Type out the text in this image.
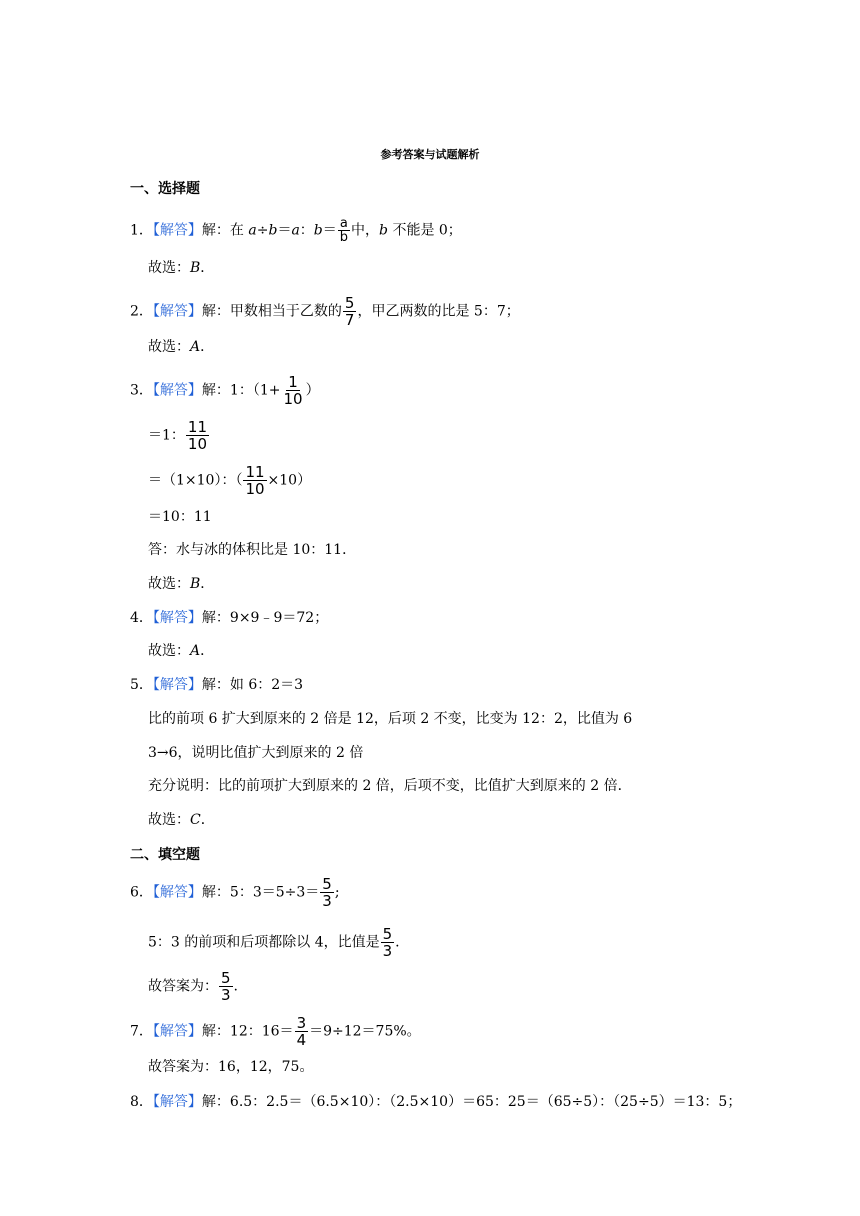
参考答案与试题解析
一、选择题
1．【解答】解：在 a÷b＝a：$b= \frac{a}{b}$ 中，b 不能是 0；
故选：B．
2．【解答】解：甲数相当于乙数的 $\frac{5}{7}$ ，甲乙两数的比是 5：7；
故选：A．
3．【解答】解：1：（$1+ \frac{1}{10}$ ）
＝1： $\frac{11}{10}$
＝（1×10）：（ $\frac{11}{10} \times 10$）
＝10：11
答：水与冰的体积比是 10：11．
故选：B．
4．【解答】解：9×9﹣9＝72；
故选：A．
5．【解答】解：如 6：2＝3
比的前项 6 扩大到原来的 2 倍是 12，后项 2 不变，比变为 12：2，比值为 6
3→6，说明比值扩大到原来的 2 倍
充分说明：比的前项扩大到原来的 2 倍，后项不变，比值扩大到原来的 2 倍．
故选：C．
二、填空题
6．【解答】解：5：$3=5\div 3= \frac{5}{3}$ ;
5：3 的前项和后项都除以 4，比值是 $\frac{5}{3}$ .
故答案为： $\frac{5}{3}$ .
7．【解答】解：12：$16= \frac{3}{4} =9\div 12=75\%$。
故答案为：16，12，75。
8．【解答】解：6.5：2.5＝（6.5×10）：（2.5×10）＝65：25＝（65÷5）：（25÷5）＝13：5；
